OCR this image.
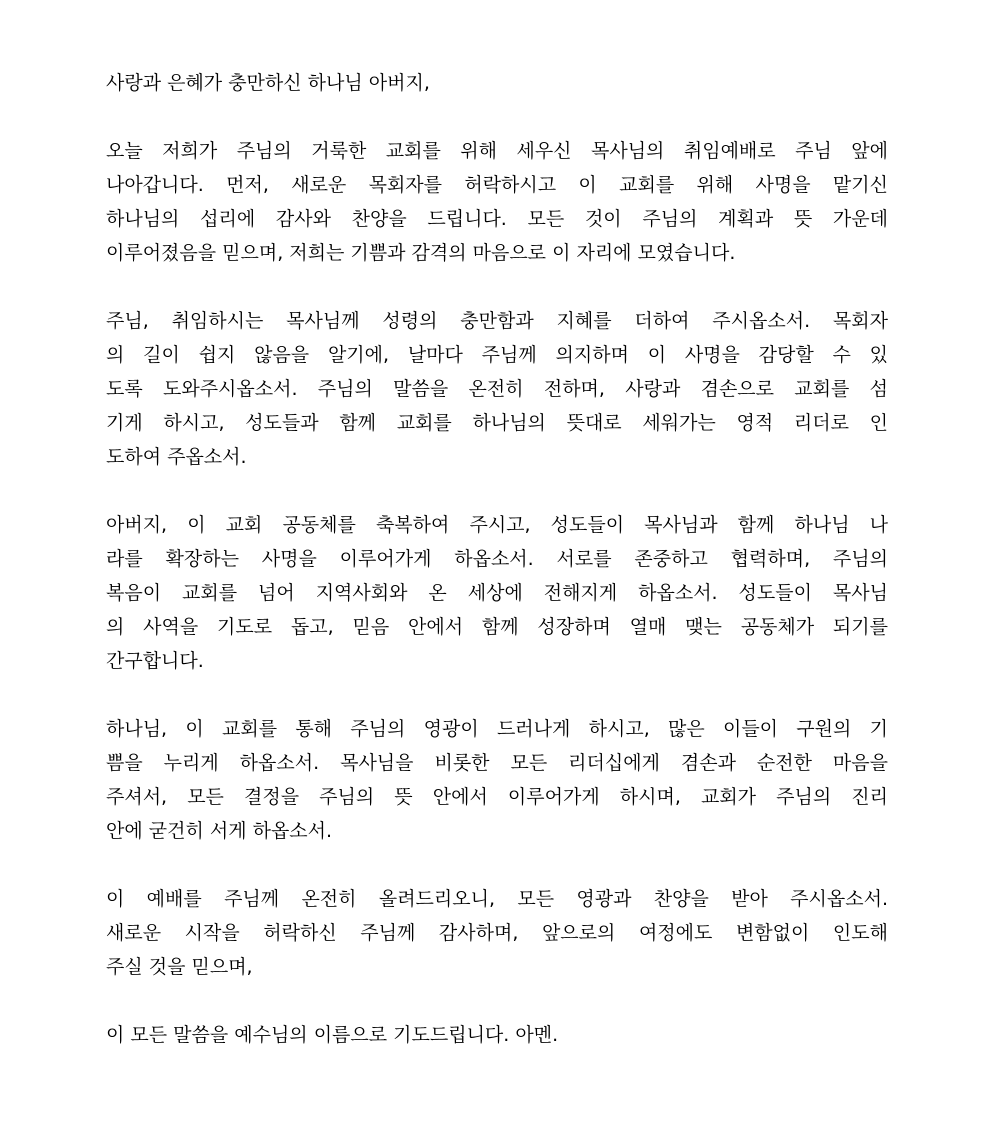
사랑과 은혜가 충만하신 하나님 아버지,
오늘 저희가 주님의 거룩한 교회를 위해 세우신 목사님의 취임예배로 주님 앞에
나아갑니다. 먼저, 새로운 목회자를 허락하시고 이 교회를 위해 사명을 맡기신
하나님의 섭리에 감사와 찬양을 드립니다. 모든 것이 주님의 계획과 뜻 가운데
이루어졌음을 믿으며, 저희는 기쁨과 감격의 마음으로 이 자리에 모였습니다.
주님, 취임하시는 목사님께 성령의 충만함과 지혜를 더하여 주시옵소서. 목회자
의 길이 쉽지 않음을 알기에, 날마다 주님께 의지하며 이 사명을 감당할 수 있
도록 도와주시옵소서. 주님의 말씀을 온전히 전하며, 사랑과 겸손으로 교회를 섬
기게 하시고, 성도들과 함께 교회를 하나님의 뜻대로 세워가는 영적 리더로 인
도하여 주옵소서.
아버지, 이 교회 공동체를 축복하여 주시고, 성도들이 목사님과 함께 하나님 나
라를 확장하는 사명을 이루어가게 하옵소서. 서로를 존중하고 협력하며, 주님의
복음이 교회를 넘어 지역사회와 온 세상에 전해지게 하옵소서. 성도들이 목사님
의 사역을 기도로 돕고, 믿음 안에서 함께 성장하며 열매 맺는 공동체가 되기를
간구합니다.
하나님, 이 교회를 통해 주님의 영광이 드러나게 하시고, 많은 이들이 구원의 기
쁨을 누리게 하옵소서. 목사님을 비롯한 모든 리더십에게 겸손과 순전한 마음을
주셔서, 모든 결정을 주님의 뜻 안에서 이루어가게 하시며, 교회가 주님의 진리
안에 굳건히 서게 하옵소서.
이 예배를 주님께 온전히 올려드리오니, 모든 영광과 찬양을 받아 주시옵소서.
새로운 시작을 허락하신 주님께 감사하며, 앞으로의 여정에도 변함없이 인도해
주실 것을 믿으며,
이 모든 말씀을 예수님의 이름으로 기도드립니다. 아멘.
